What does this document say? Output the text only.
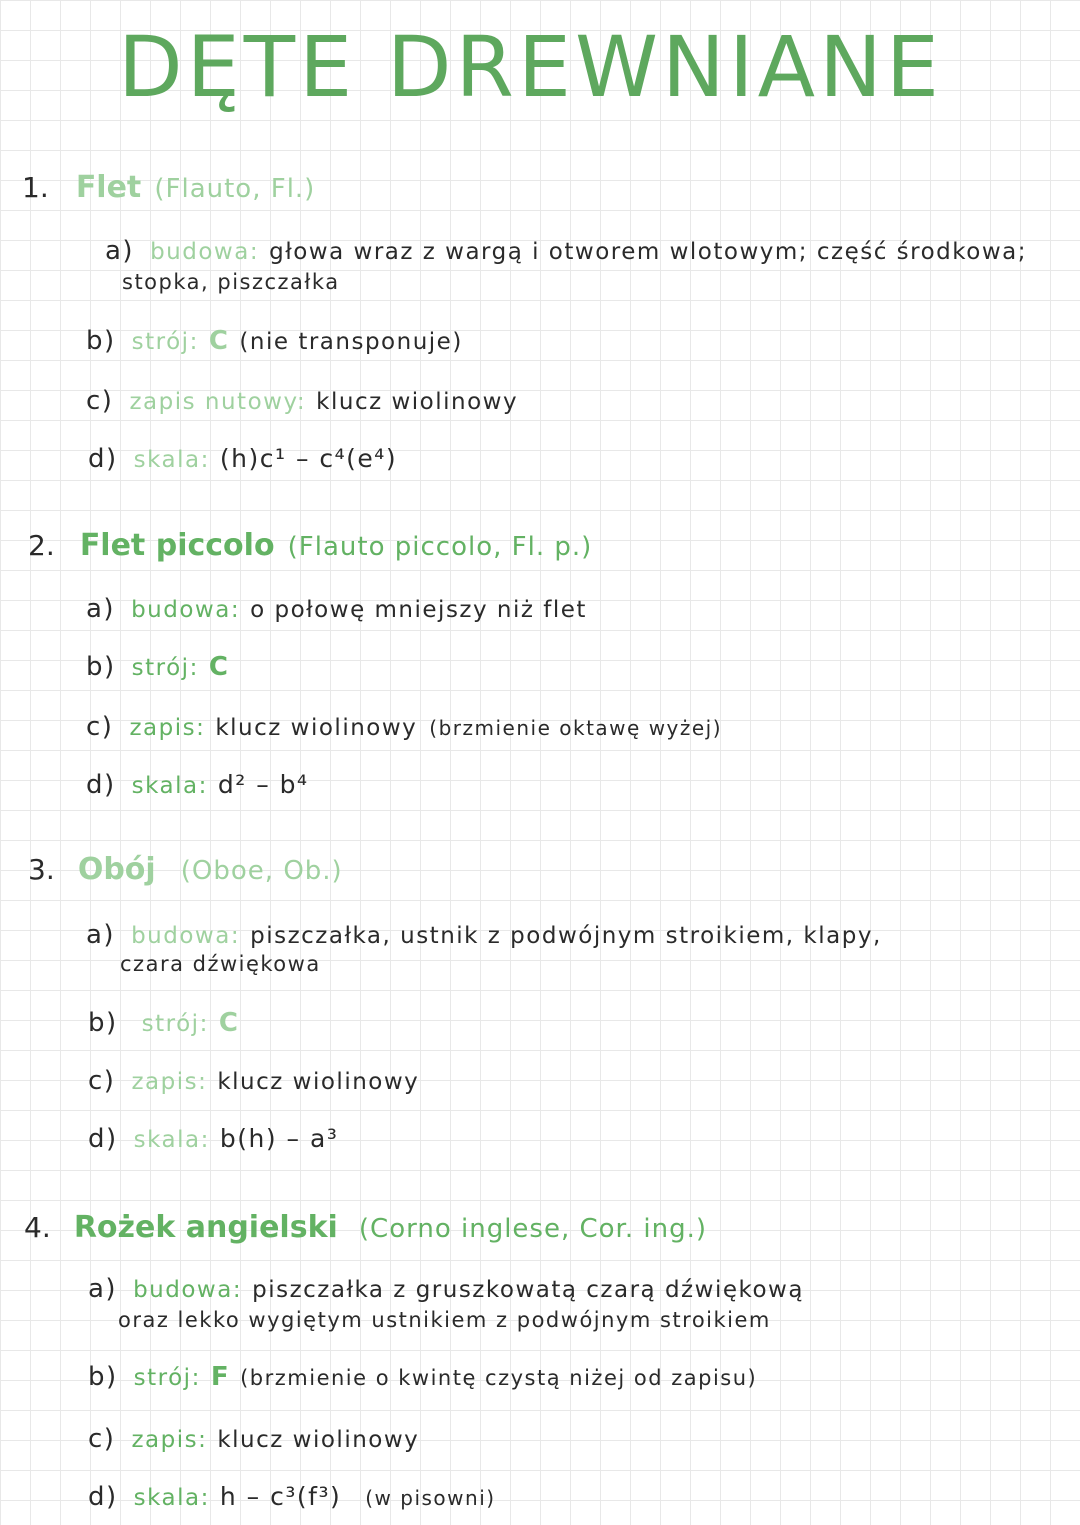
DĘTE DREWNIANE
1. Flet (Flauto, Fl.)
a) budowa: głowa wraz z wargą i otworem wlotowym; część środkowa;
stopka, piszczałka
b) strój: C (nie transponuje)
c) zapis nutowy: klucz wiolinowy
d) skala: (h)c¹ – c⁴(e⁴)
2. Flet piccolo (Flauto piccolo, Fl. p.)
a) budowa: o połowę mniejszy niż flet
b) strój: C
c) zapis: klucz wiolinowy (brzmienie oktawę wyżej)
d) skala: d² – b⁴
3. Obój (Oboe, Ob.)
a) budowa: piszczałka, ustnik z podwójnym stroikiem, klapy,
czara dźwiękowa
b) strój: C
c) zapis: klucz wiolinowy
d) skala: b(h) – a³
4. Rożek angielski (Corno inglese, Cor. ing.)
a) budowa: piszczałka z gruszkowatą czarą dźwiękową
oraz lekko wygiętym ustnikiem z podwójnym stroikiem
b) strój: F (brzmienie o kwintę czystą niżej od zapisu)
c) zapis: klucz wiolinowy
d) skala: h – c³(f³) (w pisowni)
